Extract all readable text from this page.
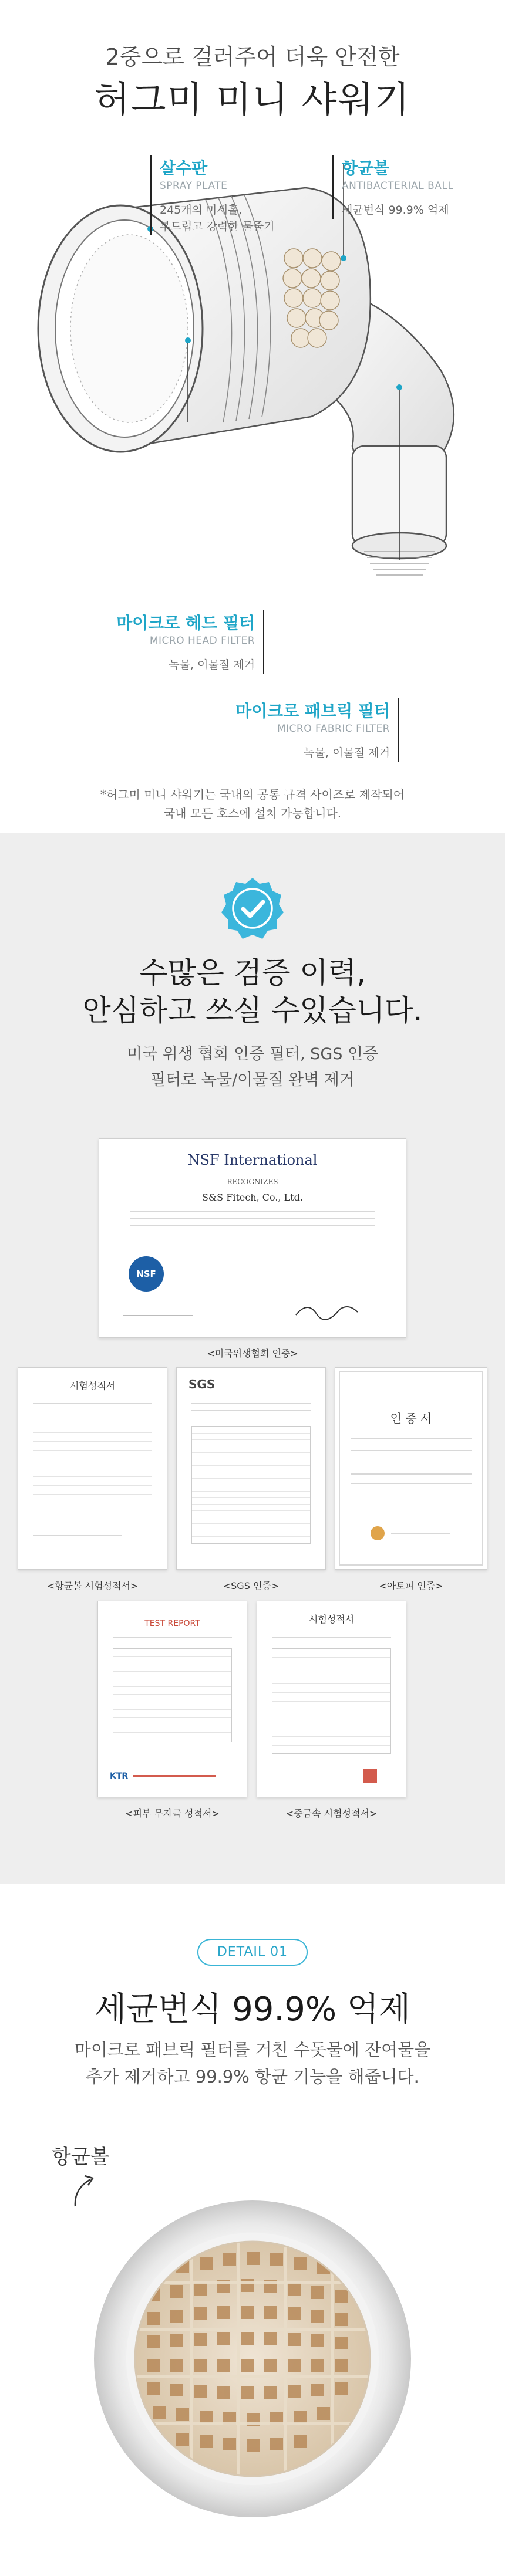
2중으로 걸러주어 더욱 안전한
허그미 미니 샤워기
살수판
SPRAY PLATE
245개의 미세홀,
부드럽고 강력한 물줄기
항균볼
ANTIBACTERIAL BALL
세균번식 99.9% 억제
마이크로 헤드 필터
MICRO HEAD FILTER
녹물, 이물질 제거
마이크로 패브릭 필터
MICRO FABRIC FILTER
녹물, 이물질 제거
*허그미 미니 샤워기는 국내의 공통 규격 사이즈로 제작되어
국내 모든 호스에 설치 가능합니다.
수많은 검증 이력,
안심하고 쓰실 수있습니다.
미국 위생 협회 인증 필터, SGS 인증
필터로 녹물/이물질 완벽 제거
NSF International
RECOGNIZES
S&S Fitech, Co., Ltd.
NSF
<미국위생협회 인증>
시험성적서
<항균볼 시험성적서>
SGS
<SGS 인증>
인 증 서
<아토피 인증>
TEST REPORT
KTR
<피부 무자극 성적서>
시험성적서
<중금속 시험성적서>
DETAIL 01
세균번식 99.9% 억제
마이크로 패브릭 필터를 거친 수돗물에 잔여물을
추가 제거하고 99.9% 항균 기능을 해줍니다.
항균볼
